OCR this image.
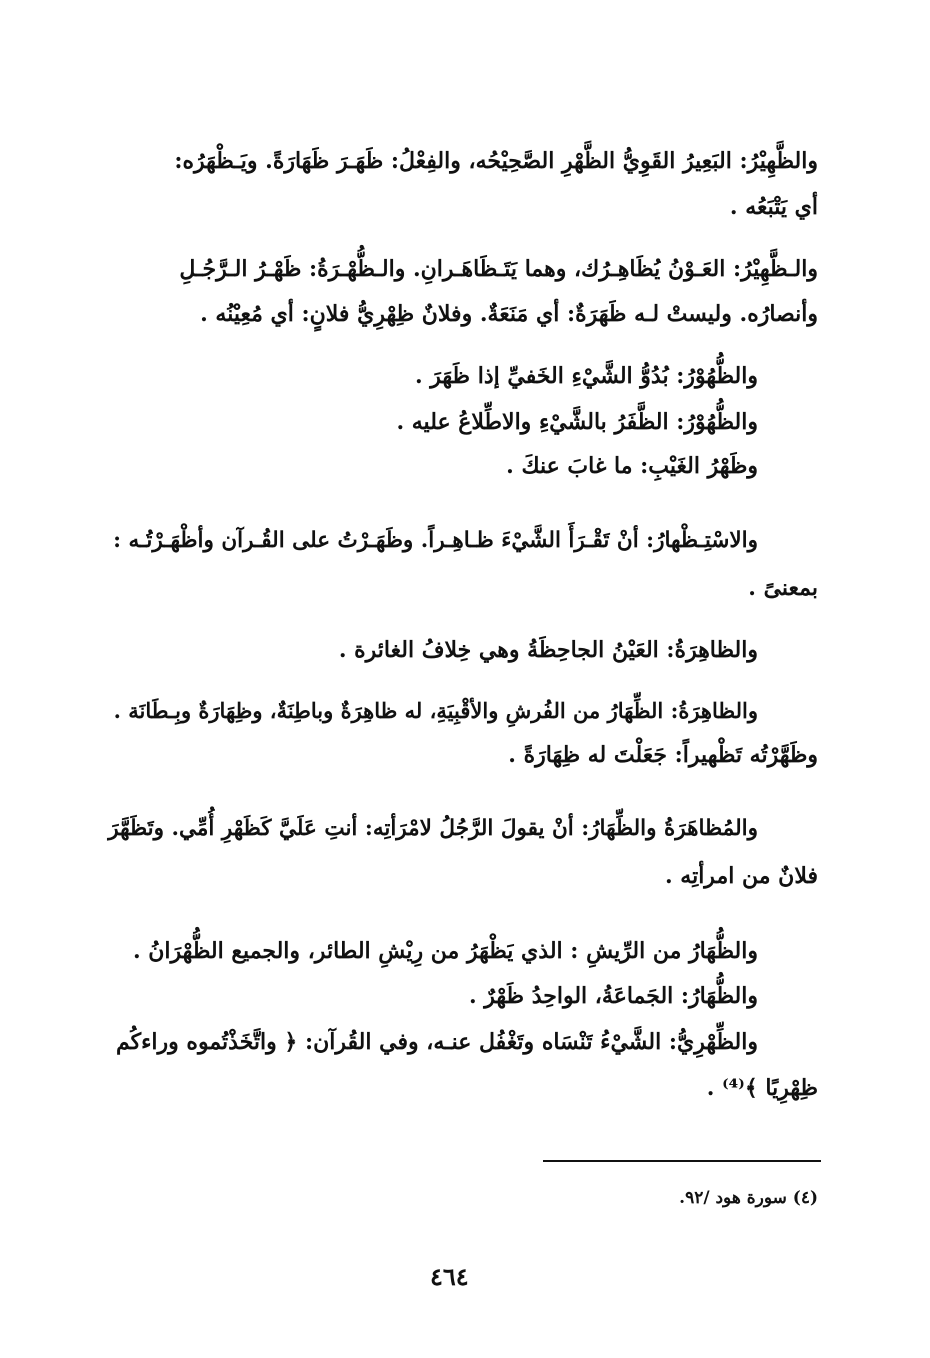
والظَّهِيْرُ: البَعِيرُ القَوِيُّ الظَّهْرِ الصَّحِيْحُه، والفِعْلُ: ظَهَـرَ ظَهَارَةً. ويَـظْهَرُه:
أي يَتْبَعُه .
والـظَّهِيْرُ: العَـوْنُ يُظَاهِـرُك، وهما يَتَـظَاهَـرانِ. والـظُّهْـرَةُ: ظَهْـرُ الـرَّجُـلِ
وأنصارُه. وليستْ لـه ظَهَرَةٌ: أي مَنَعَةٌ. وفلانٌ ظِهْرِيُّ فلانٍ: أي مُعِيْنُه .
والظُّهُوْرُ: بُدُوُّ الشَّيْءِ الخَفيِّ إذا ظَهَرَ .
والظُّهُوْرُ: الظَّفَرُ بالشَّيْءِ والاطِّلاعُ عليه .
وظَهْرُ الغَيْبِ: ما غابَ عنكَ .
والاسْتِـظْهارُ: أنْ تَقْـرَأَ الشَّيْءَ ظـاهِـراً. وظَهَـرْتُ على القُـرآن وأظْهَـرْتُـه :
بمعنىً .
والظاهِرَةُ: العَيْنُ الجاحِظَةُ وهي خِلافُ الغائرة .
والظاهِرَةُ: الظِّهَارُ من الفُرشِ والأقْبِيَةِ، له ظاهِرَةٌ وباطِنَةٌ، وظِهَارَةٌ وبِـطَانَة .
وظَهَّرْتُه تَظْهيراً: جَعَلْتَ له ظِهَارَةً .
والمُظاهَرَةُ والظِّهَارُ: أنْ يقولَ الرَّجُلُ لامْرَأتِه: أنتِ عَلَيَّ كَظَهْرِ أُمِّي. وتَظَهَّرَ
فلانٌ من امرأتِه .
والظُّهَارُ من الرِّيشِ : الذي يَظْهَرُ من رِيْشِ الطائر، والجميع الظُّهْرَانُ .
والظُّهَارُ: الجَماعَةُ، الواحِدُ ظَهْرٌ .
والظِّهْرِيُّ: الشَّيْءُ تَنْسَاه وتَغْفُل عنـه، وفي القُرآن: ﴿ واتَّخَذْتُموه وراءكُم
ظِهْرِيًا ﴾⁽⁴⁾ .
(٤) سورة هود /٩٢.
٤٦٤
